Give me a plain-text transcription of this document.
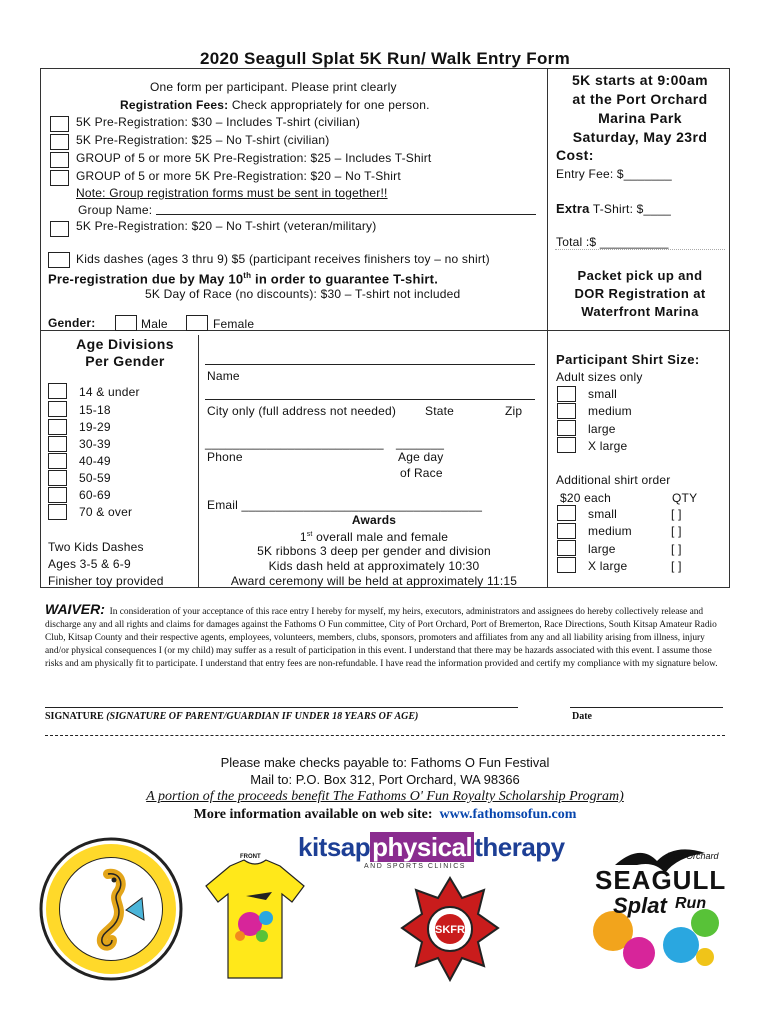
2020 Seagull Splat 5K Run/ Walk Entry Form
One form per participant. Please print clearly
Registration Fees: Check appropriately for one person.
5K Pre-Registration: $30 – Includes T-shirt (civilian)
5K Pre-Registration: $25 – No T-shirt (civilian)
GROUP of 5 or more 5K Pre-Registration: $25 – Includes T-Shirt
GROUP of 5 or more 5K Pre-Registration: $20 – No T-Shirt
Note: Group registration forms must be sent in together!!
Group Name:
5K Pre-Registration: $20 – No T-shirt (veteran/military)
Kids dashes (ages 3 thru 9) $5 (participant receives finishers toy – no shirt)
Pre-registration due by May 10th in order to guarantee T-shirt.
5K Day of Race (no discounts): $30 – T-shirt not included
Gender:	Male	Female
Age Divisions
Per Gender
14 & under
15-18
19-29
30-39
40-49
50-59
60-69
70 & over
Two Kids Dashes
Ages 3-5 & 6-9
Finisher toy provided
Name
City only (full address not needed) State	Zip
__________________________ _______
Phone	Age day
of Race
Email ___________________________________
Awards
1st overall male and female
5K ribbons 3 deep per gender and division
Kids dash held at approximately 10:30
Award ceremony will be held at approximately 11:15
5K starts at 9:00am
at the Port Orchard
Marina Park
Saturday, May 23rd
Cost:
Entry Fee: $_______
Extra T-Shirt: $____
Total :$ __________
Packet pick up and
DOR Registration at
Waterfront Marina
Participant Shirt Size:
Adult sizes only
small
medium
large
X large
Additional shirt order
$20 each	QTY
small	[ ]
medium	[ ]
large	[ ]
X large	[ ]
WAIVER: In consideration of your acceptance of this race entry I hereby for myself, my heirs, executors, administrators and assignees do hereby collectively release and discharge any and all rights and claims for damages against the Fathoms O Fun committee, City of Port Orchard, Port of Bremerton, Race Directions, South Kitsap Amateur Radio Club, Kitsap County and their respective agents, employees, volunteers, members, clubs, sponsors, promoters and affiliates from any and all liability arising from illness, injury and/or physical consequences I (or my child) may suffer as a result of participation in this event. I understand that there may be hazards associated with this event. I assume those risks and am physically fit to participate. I understand that entry fees are non-refundable. I have read the information provided and certify my compliance with my signature below.
SIGNATURE (SIGNATURE OF PARENT/GUARDIAN IF UNDER 18 YEARS OF AGE)	Date
Please make checks payable to: Fathoms O Fun Festival
Mail to: P.O. Box 312, Port Orchard, WA 98366
A portion of the proceeds benefit The Fathoms O' Fun Royalty Scholarship Program)
More information available on web site: www.fathomsofun.com
FRONT kitsapphysicaltherapy
AND SPORTS CLINICS
SKFR
Port Orchard
SEAGULL
Splat Run
